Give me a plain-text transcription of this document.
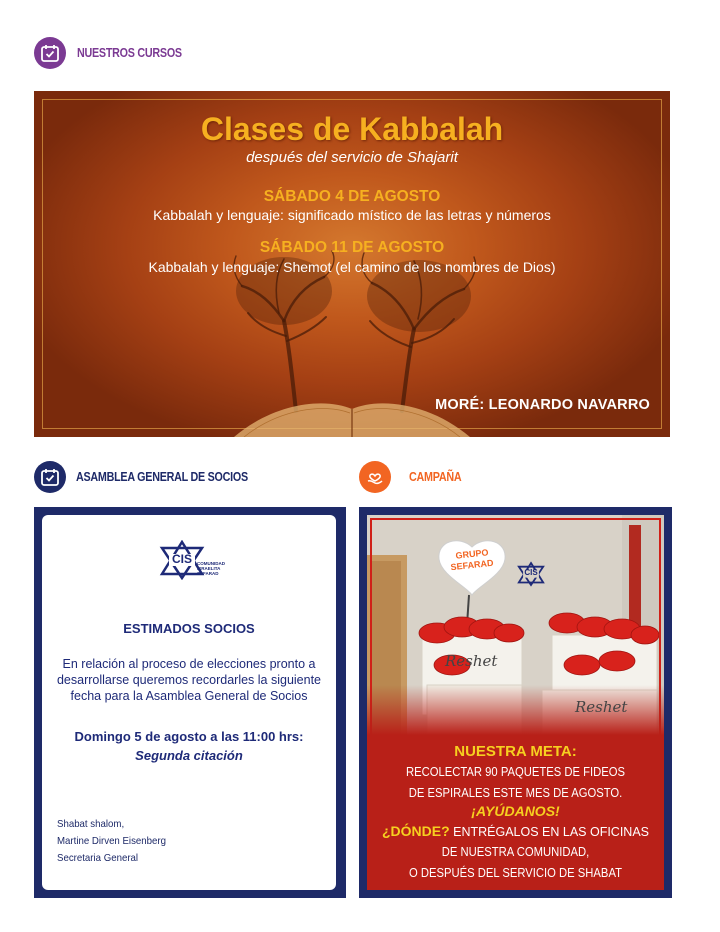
NUESTROS CURSOS
Clases de Kabbalah
después del servicio de Shajarit
SÁBADO 4 DE AGOSTO
Kabbalah y lenguaje: significado místico de las letras y números
SÁBADO 11 DE AGOSTO
Kabbalah y lenguaje: Shemot (el camino de los nombres de Dios)
MORÉ: LEONARDO NAVARRO
ASAMBLEA GENERAL DE SOCIOS	CAMPAÑA
CIS	COMUNIDAD
ISRAELITA
SEFARAD
ESTIMADOS SOCIOS
En relación al proceso de elecciones pronto a
desarrollarse queremos recordarles la siguiente
fecha para la Asamblea General de Socios
Domingo 5 de agosto a las 11:00 hrs:
Segunda citación
Shabat shalom,
Martine Dirven Eisenberg
Secretaria General
GRUPO
SEFARAD
CIS
Reshet
Reshet
NUESTRA META:
RECOLECTAR 90 PAQUETES DE FIDEOS
DE ESPIRALES ESTE MES DE AGOSTO.
¡AYÚDANOS!
¿DÓNDE? ENTRÉGALOS EN LAS OFICINAS
DE NUESTRA COMUNIDAD,
O DESPUÉS DEL SERVICIO DE SHABAT
